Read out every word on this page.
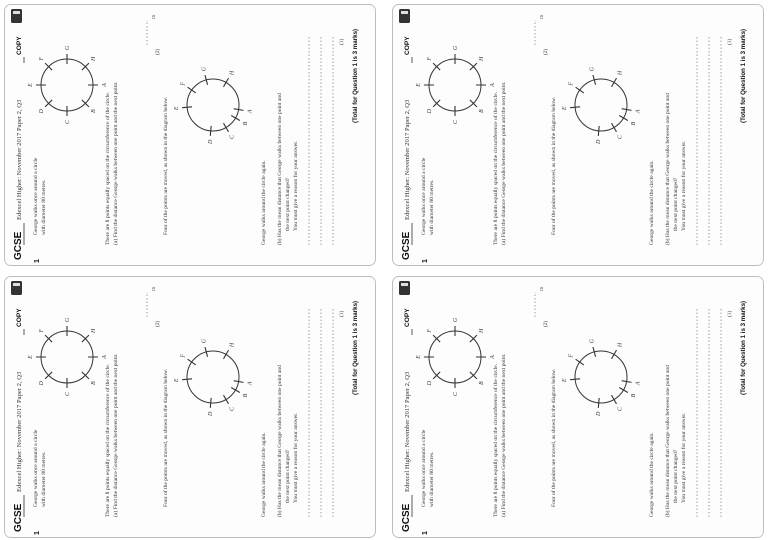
GCSE
Edexcel Higher: November 2017 Paper 2, Q3
COPY
1
George walks once around a circle with diameter 80 metres.
A
B
C
D
E
F
G
H
There are 8 points equally spaced on the circumference of the circle. (a) Find the distance George walks between one point and the next point.
m
(2)
Four of the points are moved, as shown in the diagram below.	A
B
C
D
E
F
G
H
George walks around the circle again. (b) Has the mean distance that George walks between one point and the next point changed? You must give a reason for your answer.
(1) (Total for Question 1 is 3 marks)
GCSE
Edexcel Higher: November 2017 Paper 2, Q3
COPY
1
George walks once around a circle with diameter 80 metres.
A
B
C
D
E
F
G
H
There are 8 points equally spaced on the circumference of the circle. (a) Find the distance George walks between one point and the next point.
m
(2)
Four of the points are moved, as shown in the diagram below.	A
B
C
D
E
F
G
H
George walks around the circle again. (b) Has the mean distance that George walks between one point and the next point changed? You must give a reason for your answer.
(1) (Total for Question 1 is 3 marks)
GCSE
Edexcel Higher: November 2017 Paper 2, Q3
COPY
1
George walks once around a circle with diameter 80 metres.
A
B
C
D
E
F
G
H
There are 8 points equally spaced on the circumference of the circle. (a) Find the distance George walks between one point and the next point.
m
(2)
Four of the points are moved, as shown in the diagram below.	A
B
C
D
E
F
G
H
George walks around the circle again. (b) Has the mean distance that George walks between one point and the next point changed? You must give a reason for your answer.
(1) (Total for Question 1 is 3 marks)
GCSE
Edexcel Higher: November 2017 Paper 2, Q3
COPY
1
George walks once around a circle with diameter 80 metres.
A
B
C
D
E
F
G
H
There are 8 points equally spaced on the circumference of the circle. (a) Find the distance George walks between one point and the next point.
m
(2)
Four of the points are moved, as shown in the diagram below.	A
B
C
D
E
F
G
H
George walks around the circle again. (b) Has the mean distance that George walks between one point and the next point changed? You must give a reason for your answer.
(1) (Total for Question 1 is 3 marks)
